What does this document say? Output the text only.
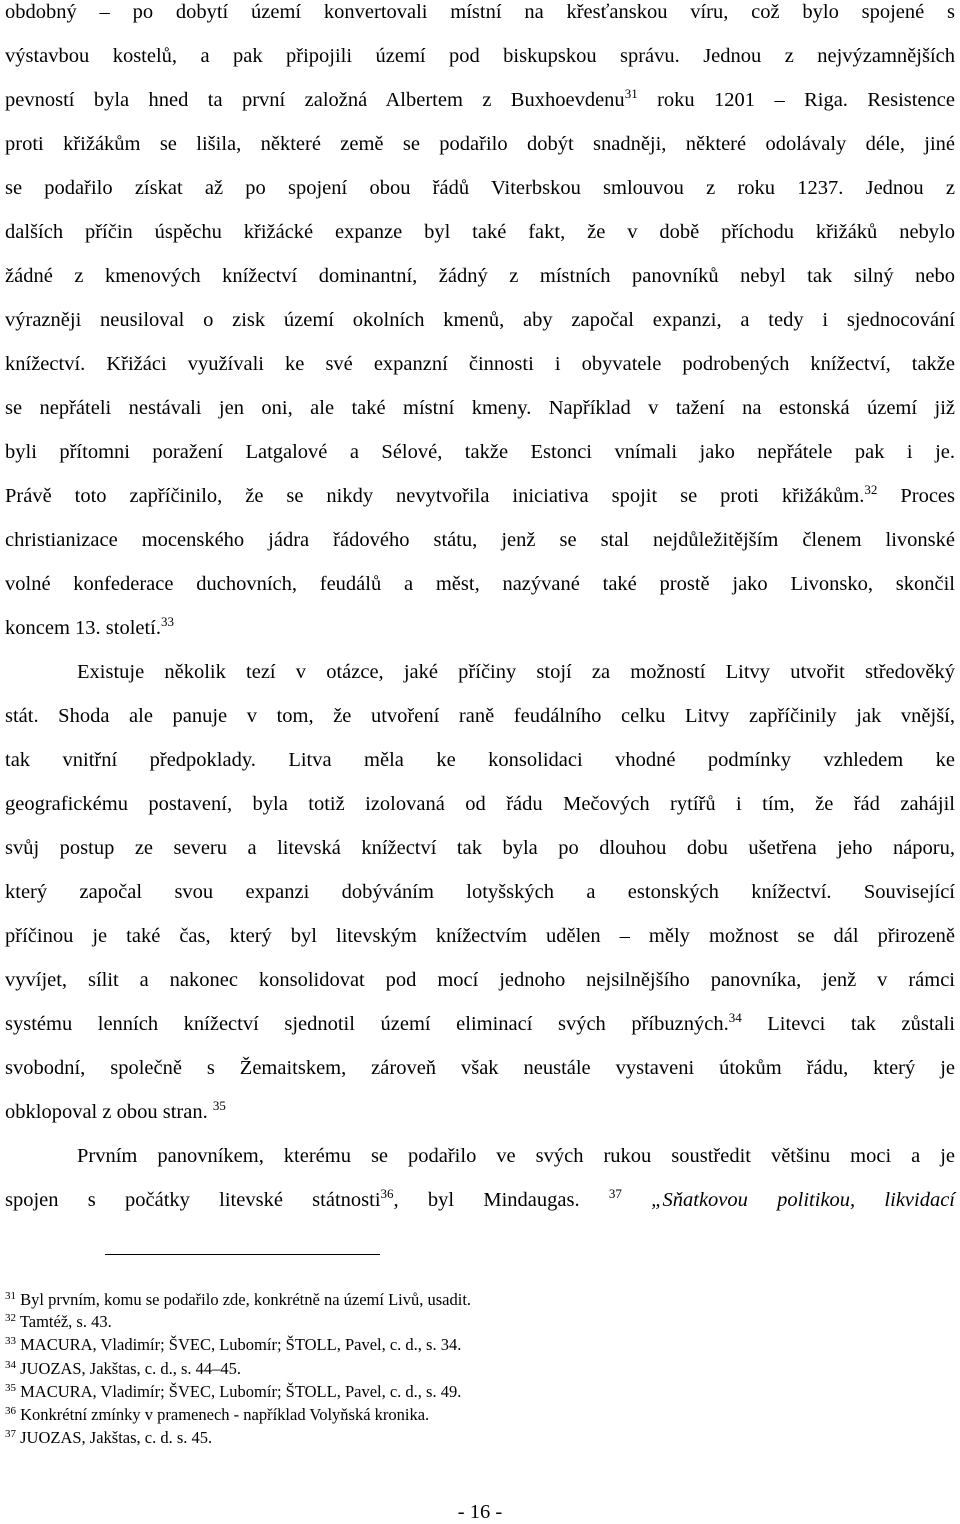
obdobný – po dobytí území konvertovali místní na křesťanskou víru, což bylo spojené s
výstavbou kostelů, a pak připojili území pod biskupskou správu. Jednou z nejvýzamnějších
pevností byla hned ta první založná Albertem z Buxhoevdenu$^{31}$ roku 1201 – Riga. Resistence
proti křižákům se lišila, některé země se podařilo dobýt snadněji, některé odolávaly déle, jiné
se podařilo získat až po spojení obou řádů Viterbskou smlouvou z roku 1237. Jednou z
dalších příčin úspěchu křižácké expanze byl také fakt, že v době příchodu křižáků nebylo
žádné z kmenových knížectví dominantní, žádný z místních panovníků nebyl tak silný nebo
výrazněji neusiloval o zisk území okolních kmenů, aby započal expanzi, a tedy i sjednocování
knížectví. Křižáci využívali ke své expanzní činnosti i obyvatele podrobených knížectví, takže
se nepřáteli nestávali jen oni, ale také místní kmeny. Například v tažení na estonská území již
byli přítomni poražení Latgalové a Sélové, takže Estonci vnímali jako nepřátele pak i je.
Právě toto zapříčinilo, že se nikdy nevytvořila iniciativa spojit se proti křižákům.$^{32}$ Proces
christianizace mocenského jádra řádového státu, jenž se stal nejdůležitějším členem livonské
volné konfederace duchovních, feudálů a měst, nazývané také prostě jako Livonsko, skončil
koncem 13. století.$^{33}$
Existuje několik tezí v otázce, jaké příčiny stojí za možností Litvy utvořit středověký
stát. Shoda ale panuje v tom, že utvoření raně feudálního celku Litvy zapříčinily jak vnější,
tak vnitřní předpoklady. Litva měla ke konsolidaci vhodné podmínky vzhledem ke
geografickému postavení, byla totiž izolovaná od řádu Mečových rytířů i tím, že řád zahájil
svůj postup ze severu a litevská knížectví tak byla po dlouhou dobu ušetřena jeho náporu,
který započal svou expanzi dobýváním lotyšských a estonských knížectví. Související
příčinou je také čas, který byl litevským knížectvím udělen – měly možnost se dál přirozeně
vyvíjet, sílit a nakonec konsolidovat pod mocí jednoho nejsilnějšího panovníka, jenž v rámci
systému lenních knížectví sjednotil území eliminací svých příbuzných.$^{34}$ Litevci tak zůstali
svobodní, společně s Žemaitskem, zároveň však neustále vystaveni útokům řádu, který je
obklopoval z obou stran. $^{35}$
Prvním panovníkem, kterému se podařilo ve svých rukou soustředit většinu moci a je
spojen s počátky litevské státnosti$^{36}$, byl Mindaugas. $^{37}$ „Sňatkovou politikou, likvidací
$^{31}$ Byl prvním, komu se podařilo zde, konkrétně na území Livů, usadit.
$^{32}$ Tamtéž, s. 43.
$^{33}$ MACURA, Vladimír; ŠVEC, Lubomír; ŠTOLL, Pavel, c. d., s. 34.
$^{34}$ JUOZAS, Jakštas, c. d., s. 44–45.
$^{35}$ MACURA, Vladimír; ŠVEC, Lubomír; ŠTOLL, Pavel, c. d., s. 49.
$^{36}$ Konkrétní zmínky v pramenech - například Volyňská kronika.
$^{37}$ JUOZAS, Jakštas, c. d. s. 45.
- 16 -
